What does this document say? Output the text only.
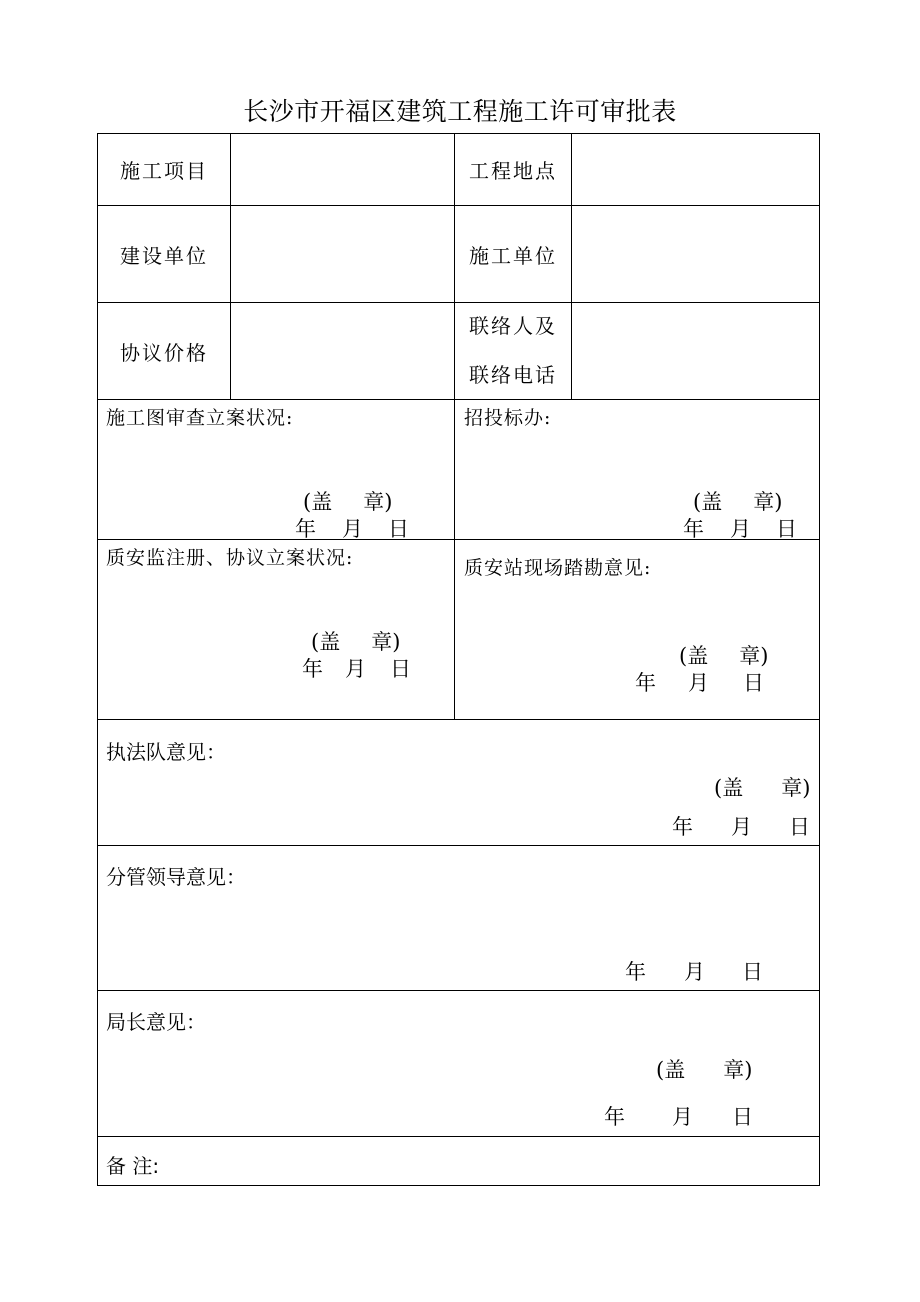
长沙市开福区建筑工程施工许可审批表
施工项目	工程地点
建设单位	施工单位
协议价格
联络人及
联络电话
施工图审查立案状况:
(盖 章)
年 月 日
招投标办:
(盖 章)
年 月 日
质安监注册、协议立案状况:
(盖 章)
年 月 日
质安站现场踏勘意见:
(盖 章)
年 月 日
执法队意见：
(盖 章)
年 月 日
分管领导意见：
年 月 日
局长意见：
(盖 章)
年 月 日
备 注:
